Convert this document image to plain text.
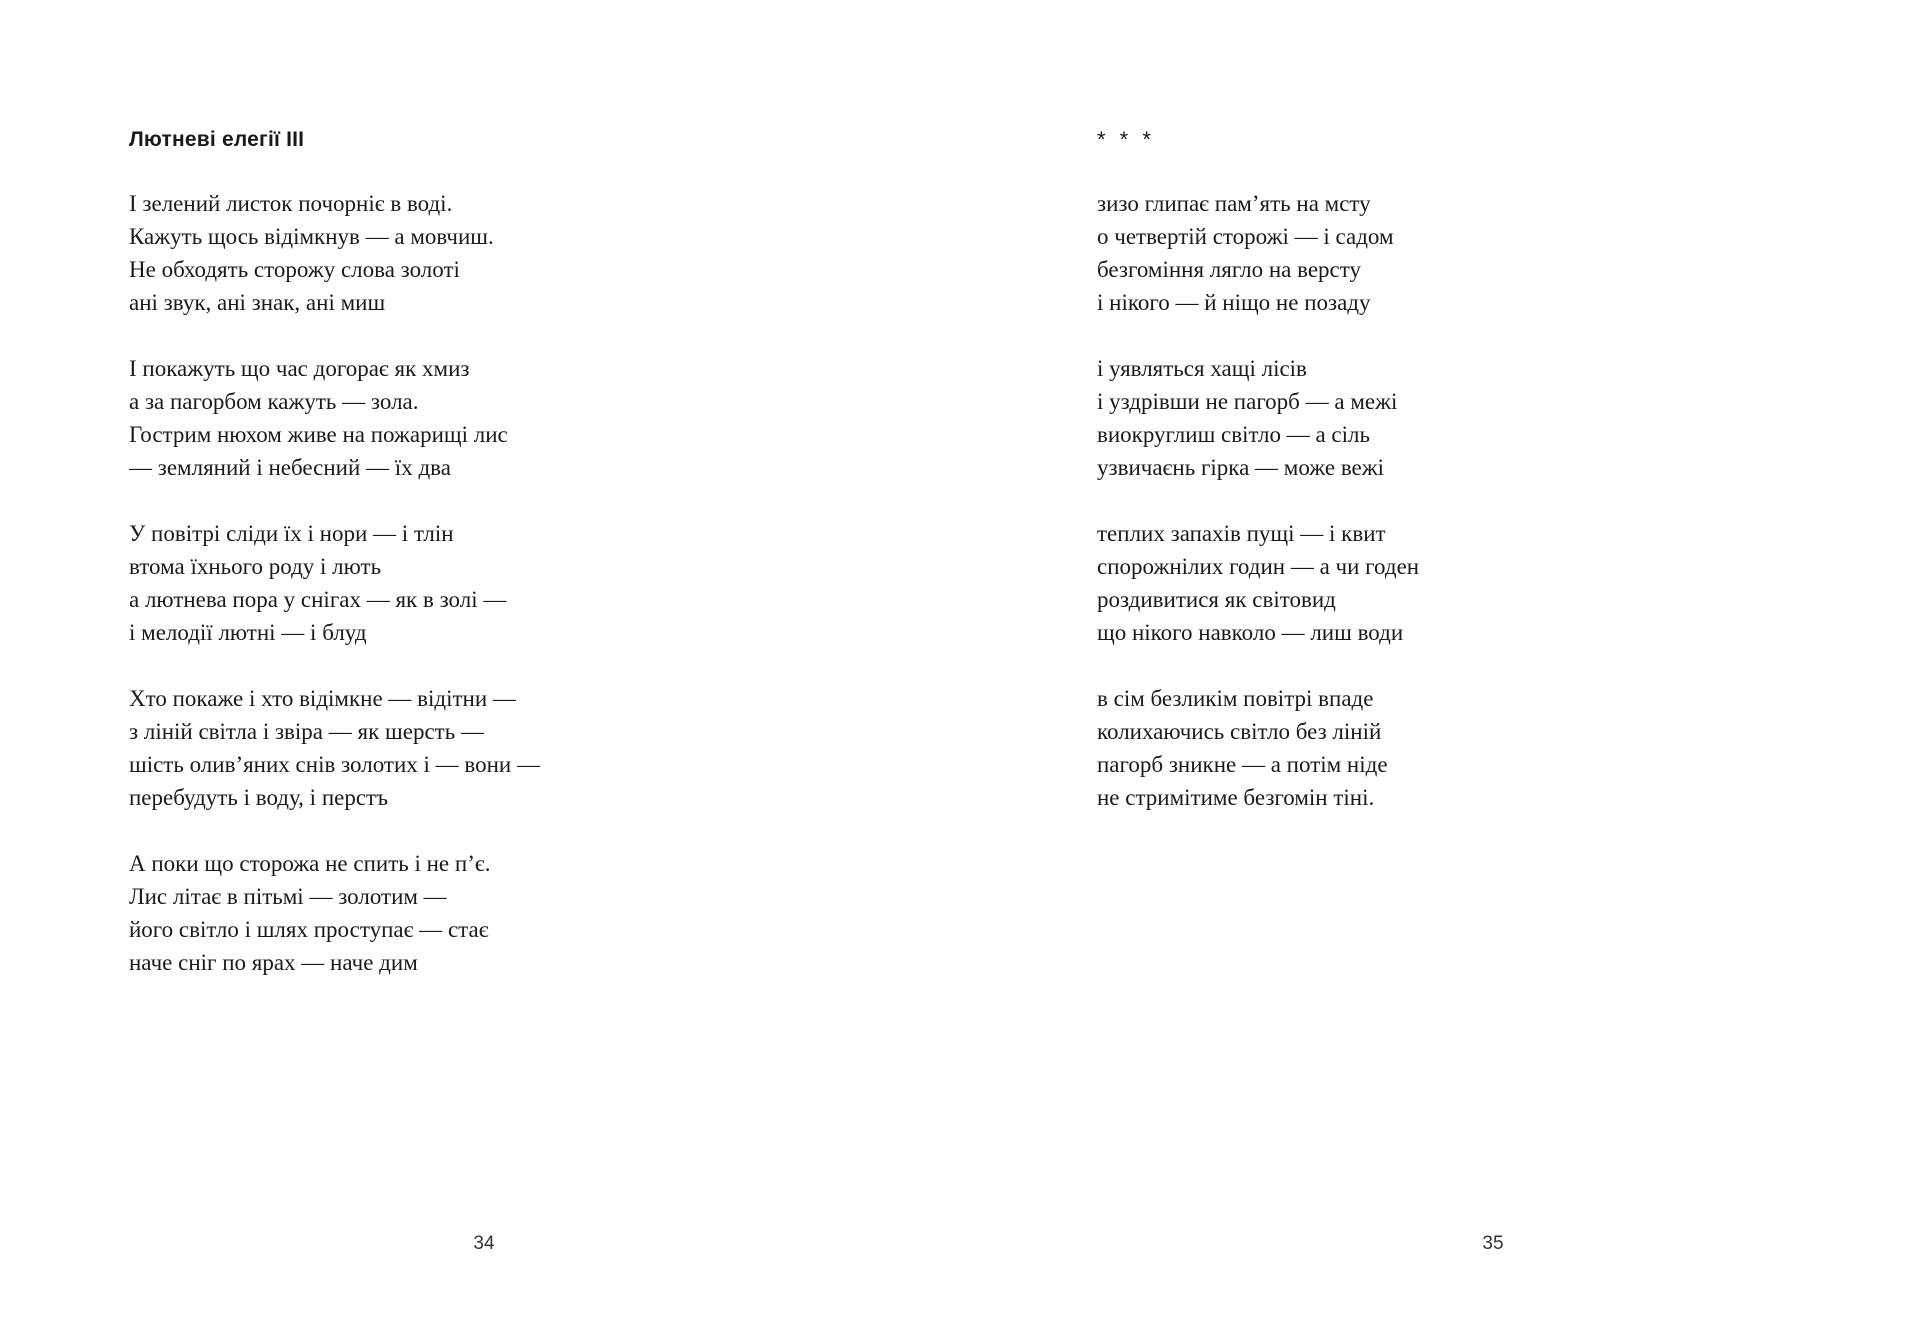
Лютневі елегії ІІІ
І зелений листок почорніє в воді.
Кажуть щось відімкнув — а мовчиш.
Не обходять сторожу слова золоті
ані звук, ані знак, ані миш
І покажуть що час догорає як хмиз
а за пагорбом кажуть — зола.
Гострим нюхом живе на пожарищі лис
— земляний і небесний — їх два
У повітрі сліди їх і нори — і тлін
втома їхнього роду і лють
а лютнева пора у снігах — як в золі —
і мелодії лютні — і блуд
Хто покаже і хто відімкне — відітни —
з ліній світла і звіра — як шерсть —
шість олив’яних снів золотих і — вони —
перебудуть і воду, і перстъ
А поки що сторожа не спить і не п’є.
Лис літає в пітьмі — золотим —
його світло і шлях проступає — стає
наче сніг по ярах — наче дим
34
* * *
зизо глипає пам’ять на мсту
о четвертій сторожі — і садом
безгоміння лягло на версту
і нікого — й ніщо не позаду
і уявляться хащі лісів
і уздрівши не пагорб — а межі
виокруглиш світло — а сіль
узвичаєнь гірка — може вежі
теплих запахів пущі — і квит
спорожнілих годин — а чи годен
роздивитися як світовид
що нікого навколо — лиш води
в сім безликім повітрі впаде
колихаючись світло без ліній
пагорб зникне — а потім ніде
не стримітиме безгомін тіні.
35
